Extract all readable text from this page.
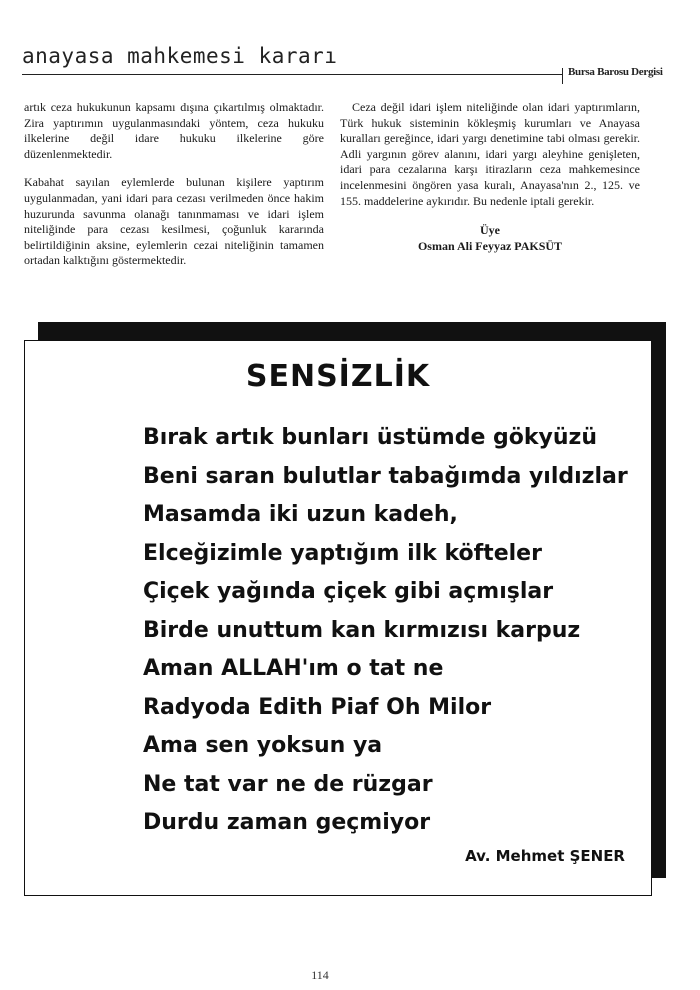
anayasa mahkemesi kararı
Bursa Barosu Dergisi

artık ceza hukukunun kapsamı dışına çıkartılmış olmaktadır. Zira yaptırımın uygulanmasındaki yöntem, ceza hukuku ilkelerine değil idare hukuku ilkelerine göre düzenlenmektedir.

Kabahat sayılan eylemlerde bulunan kişilere yaptırım uygulanmadan, yani idari para cezası verilmeden önce hakim huzurunda savunma olanağı tanınmaması ve idari işlem niteliğinde para cezası kesilmesi, çoğunluk kararında belirtildiğinin aksine, eylemlerin cezai niteliğinin tamamen ortadan kalktığını göstermektedir.

Ceza değil idari işlem niteliğinde olan idari yaptırımların, Türk hukuk sisteminin kökleşmiş kurumları ve Anayasa kuralları gereğince, idari yargı denetimine tabi olması gerekir. Adli yargının görev alanını, idari yargı aleyhine genişleten, idari para cezalarına karşı itirazların ceza mahkemesince incelenmesini öngören yasa kuralı, Anayasa'nın 2., 125. ve 155. maddelerine aykırıdır. Bu nedenle iptali gerekir.

Üye
Osman Ali Feyyaz PAKSÜT
SENSİZLİK
Bırak artık bunları üstümde gökyüzü
Beni saran bulutlar tabağımda yıldızlar
Masamda iki uzun kadeh,
Elceğizimle yaptığım ilk köfteler
Çiçek yağında çiçek gibi açmışlar
Birde unuttum kan kırmızısı karpuz
Aman ALLAH'ım o tat ne
Radyoda Edith Piaf Oh Milor
Ama sen yoksun ya
Ne tat var ne de rüzgar
Durdu zaman geçmiyor
Av. Mehmet ŞENER
114
